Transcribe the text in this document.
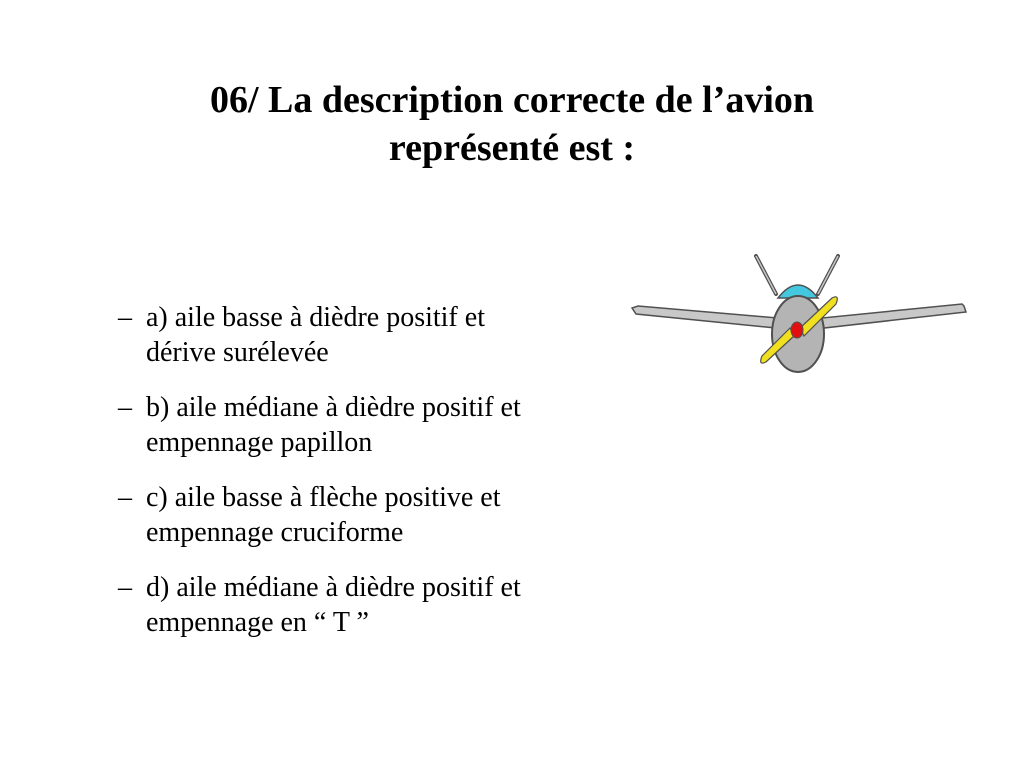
06/ La description correcte de l’avion
représenté est :
– a) aile basse à dièdre positif et
dérive surélevée
– b) aile médiane à dièdre positif et
empennage papillon
– c) aile basse à flèche positive et
empennage cruciforme
– d) aile médiane à dièdre positif et
empennage en “ T ”
